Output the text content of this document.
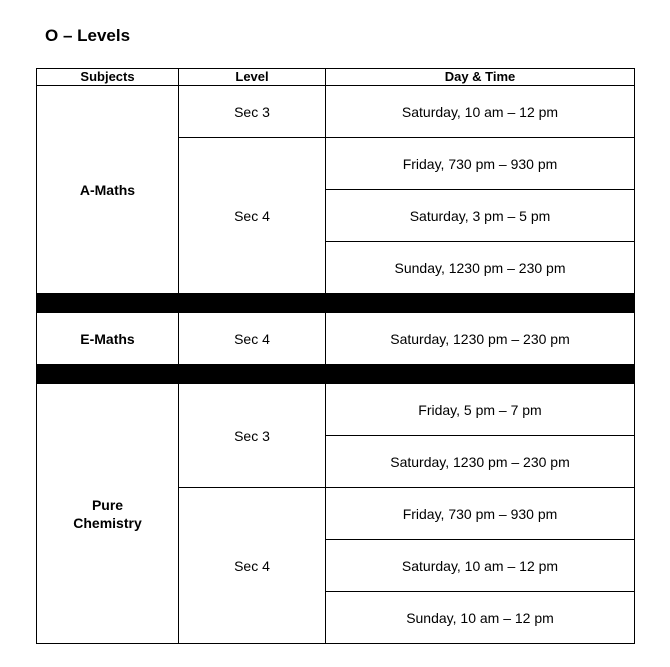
O – Levels
Subjects	Level	Day & Time
A-Maths	Sec 3	Saturday, 10 am – 12 pm
	Sec 4	Friday, 730 pm – 930 pm
		Saturday, 3 pm – 5 pm
		Sunday, 1230 pm – 230 pm

E-Maths	Sec 4	Saturday, 1230 pm – 230 pm

Pure
Chemistry	Sec 3	Friday, 5 pm – 7 pm
		Saturday, 1230 pm – 230 pm
	Sec 4	Friday, 730 pm – 930 pm
		Saturday, 10 am – 12 pm
		Sunday, 10 am – 12 pm
